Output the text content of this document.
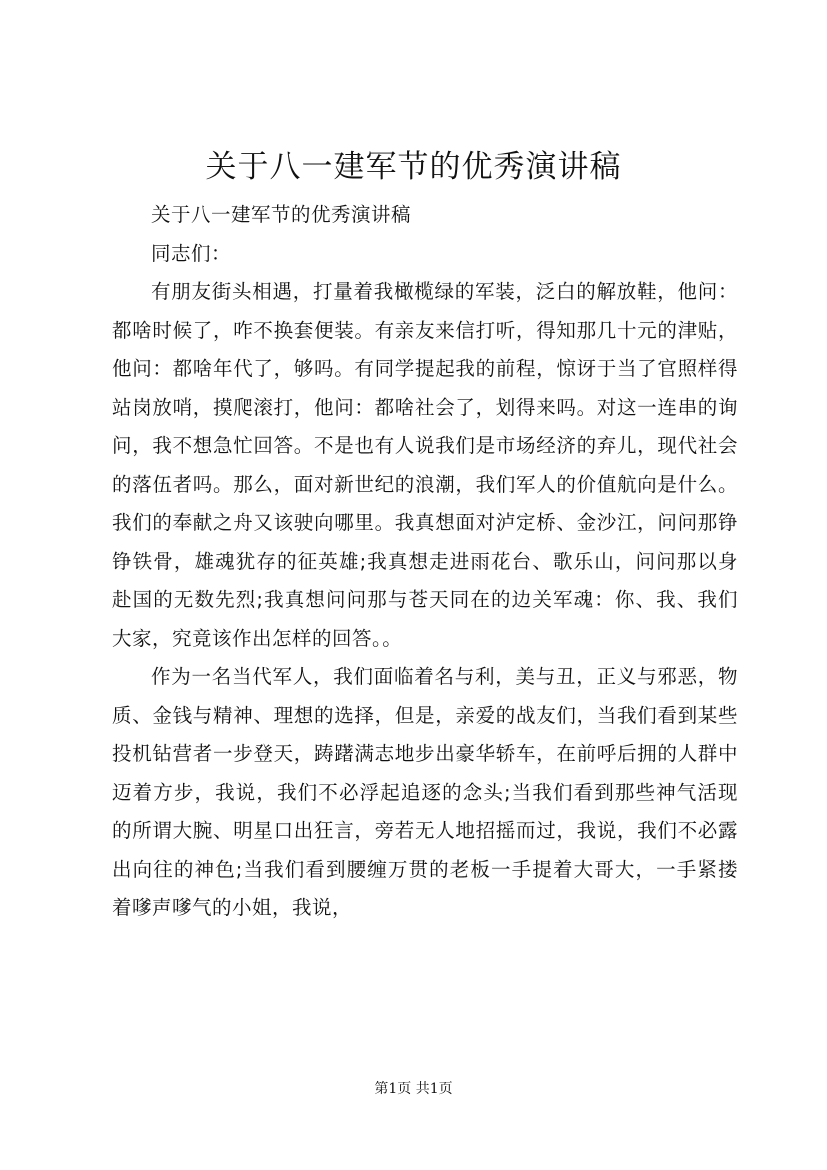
关于八一建军节的优秀演讲稿

关于八一建军节的优秀演讲稿

同志们：

有朋友街头相遇，打量着我橄榄绿的军装，泛白的解放鞋，他问：都啥时候了，咋不换套便装。有亲友来信打听，得知那几十元的津贴，他问：都啥年代了，够吗。有同学提起我的前程，惊讶于当了官照样得站岗放哨，摸爬滚打，他问：都啥社会了，划得来吗。对这一连串的询问，我不想急忙回答。不是也有人说我们是市场经济的弃儿，现代社会的落伍者吗。那么，面对新世纪的浪潮，我们军人的价值航向是什么。我们的奉献之舟又该驶向哪里。我真想面对泸定桥、金沙江，问问那铮铮铁骨，雄魂犹存的征英雄;我真想走进雨花台、歌乐山，问问那以身赴国的无数先烈;我真想问问那与苍天同在的边关军魂：你、我、我们大家，究竟该作出怎样的回答。。

作为一名当代军人，我们面临着名与利，美与丑，正义与邪恶，物质、金钱与精神、理想的选择，但是，亲爱的战友们，当我们看到某些投机钻营者一步登天，踌躇满志地步出豪华轿车，在前呼后拥的人群中迈着方步，我说，我们不必浮起追逐的念头;当我们看到那些神气活现的所谓大腕、明星口出狂言，旁若无人地招摇而过，我说，我们不必露出向往的神色;当我们看到腰缠万贯的老板一手提着大哥大，一手紧搂着嗲声嗲气的小姐，我说，

第1页 共1页
